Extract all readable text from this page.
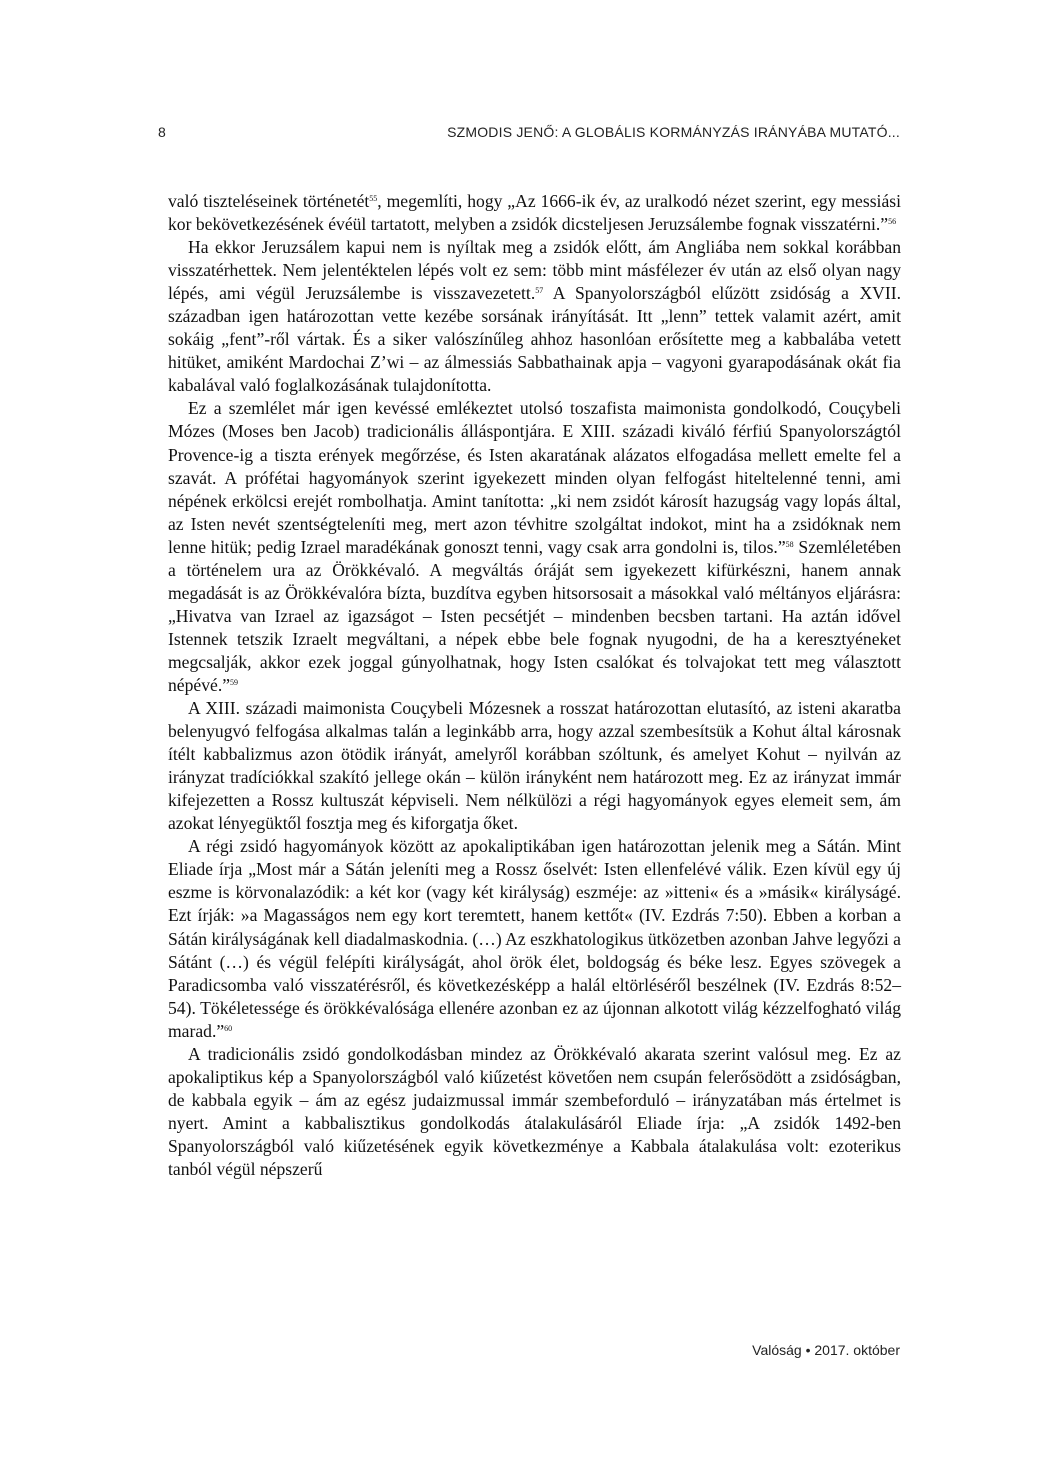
8	SZMODIS JENŐ: A GLOBÁLIS KORMÁNYZÁS IRÁNYÁBA MUTATÓ...

való tiszteléseinek történetét$^{55}$, megemlíti, hogy „Az 1666-ik év, az uralkodó nézet szerint, egy messiási kor bekövetkezésének évéül tartatott, melyben a zsidók dicsteljesen Jeruzsálembe fognak visszatérni.”$^{56}$

Ha ekkor Jeruzsálem kapui nem is nyíltak meg a zsidók előtt, ám Angliába nem sokkal korábban visszatérhettek. Nem jelentéktelen lépés volt ez sem: több mint másfélezer év után az első olyan nagy lépés, ami végül Jeruzsálembe is visszavezetett.$^{57}$ A Spanyolországból elűzött zsidóság a XVII. században igen határozottan vette kezébe sorsának irányítását. Itt „lenn” tettek valamit azért, amit sokáig „fent”-ről vártak. És a siker valószínűleg ahhoz hasonlóan erősítette meg a kabbalába vetett hitüket, amiként Mardochai Z’wi – az álmessiás Sabbathainak apja – vagyoni gyarapodásának okát fia kabalával való foglalkozásának tulajdonította.

Ez a szemlélet már igen kevéssé emlékeztet utolsó toszafista maimonista gondolkodó, Couçybeli Mózes (Moses ben Jacob) tradicionális álláspontjára. E XIII. századi kiváló férfiú Spanyolországtól Provence-ig a tiszta erények megőrzése, és Isten akaratának alázatos elfogadása mellett emelte fel a szavát. A prófétai hagyományok szerint igyekezett minden olyan felfogást hiteltelenné tenni, ami népének erkölcsi erejét rombolhatja. Amint tanította: „ki nem zsidót károsít hazugság vagy lopás által, az Isten nevét szentségteleníti meg, mert azon tévhitre szolgáltat indokot, mint ha a zsidóknak nem lenne hitük; pedig Izrael maradékának gonoszt tenni, vagy csak arra gondolni is, tilos.”$^{58}$ Szemléletében a történelem ura az Örökkévaló. A megváltás óráját sem igyekezett kifürkészni, hanem annak megadását is az Örökkévalóra bízta, buzdítva egyben hitsorsosait a másokkal való méltányos eljárásra: „Hivatva van Izrael az igazságot – Isten pecsétjét – mindenben becsben tartani. Ha aztán idővel Istennek tetszik Izraelt megváltani, a népek ebbe bele fognak nyugodni, de ha a keresztyéneket megcsalják, akkor ezek joggal gúnyolhatnak, hogy Isten csalókat és tolvajokat tett meg választott népévé.”$^{59}$

A XIII. századi maimonista Couçybeli Mózesnek a rosszat határozottan elutasító, az isteni akaratba belenyugvó felfogása alkalmas talán a leginkább arra, hogy azzal szembesítsük a Kohut által károsnak ítélt kabbalizmus azon ötödik irányát, amelyről korábban szóltunk, és amelyet Kohut – nyilván az irányzat tradíciókkal szakító jellege okán – külön irányként nem határozott meg. Ez az irányzat immár kifejezetten a Rossz kultuszát képviseli. Nem nélkülözi a régi hagyományok egyes elemeit sem, ám azokat lényegüktől fosztja meg és kiforgatja őket.

A régi zsidó hagyományok között az apokaliptikában igen határozottan jelenik meg a Sátán. Mint Eliade írja „Most már a Sátán jeleníti meg a Rossz őselvét: Isten ellenfelévé válik. Ezen kívül egy új eszme is körvonalazódik: a két kor (vagy két királyság) eszméje: az »itteni« és a »másik« királyságé. Ezt írják: »a Magasságos nem egy kort teremtett, hanem kettőt« (IV. Ezdrás 7:50). Ebben a korban a Sátán királyságának kell diadalmaskodnia. (…) Az eszkhatologikus ütközetben azonban Jahve legyőzi a Sátánt (…) és végül felépíti királyságát, ahol örök élet, boldogság és béke lesz. Egyes szövegek a Paradicsomba való visszatérésről, és következésképp a halál eltörléséről beszélnek (IV. Ezdrás 8:52–54). Tökéletessége és örökkévalósága ellenére azonban ez az újonnan alkotott világ kézzelfogható világ marad.”$^{60}$

A tradicionális zsidó gondolkodásban mindez az Örökkévaló akarata szerint valósul meg. Ez az apokaliptikus kép a Spanyolországból való kiűzetést követően nem csupán felerősödött a zsidóságban, de kabbala egyik – ám az egész judaizmussal immár szembeforduló – irányzatában más értelmet is nyert. Amint a kabbalisztikus gondolkodás átalakulásáról Eliade írja: „A zsidók 1492-ben Spanyolországból való kiűzetésének egyik következménye a Kabbala átalakulása volt: ezoterikus tanból végül népszerű

Valóság • 2017. október
